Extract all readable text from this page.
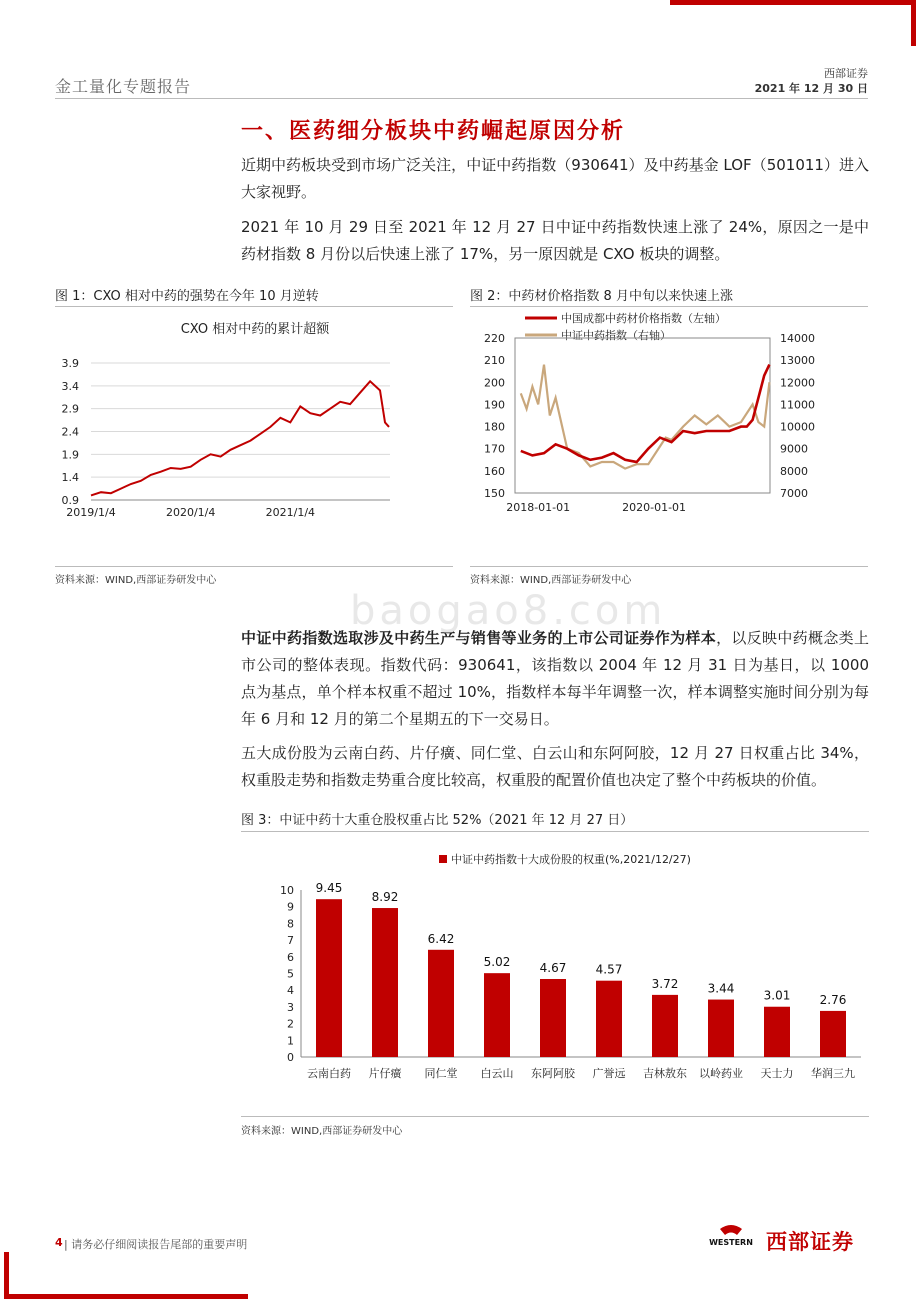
金工量化专题报告
西部证券
2021 年 12 月 30 日
一、医药细分板块中药崛起原因分析
近期中药板块受到市场广泛关注，中证中药指数（930641）及中药基金 LOF（501011）进入大家视野。
2021 年 10 月 29 日至 2021 年 12 月 27 日中证中药指数快速上涨了 24%，原因之一是中药材指数 8 月份以后快速上涨了 17%，另一原因就是 CXO 板块的调整。
图 1：CXO 相对中药的强势在今年 10 月逆转	图 2：中药材价格指数 8 月中旬以来快速上涨
CXO 相对中药的累计超额
0.9
1.4
1.9
2.4
2.9
3.4
3.9
2019/1/4	2020/1/4	2021/1/4
资料来源：WIND,西部证券研发中心
中国成都中药材价格指数（左轴）
中证中药指数（右轴）
150
160
170
180
190
200
210
220
7000
8000
9000
10000
11000
12000
13000
14000
2018-01-01	2020-01-01
资料来源：WIND,西部证券研发中心
中证中药指数选取涉及中药生产与销售等业务的上市公司证券作为样本，以反映中药概念类上市公司的整体表现。指数代码：930641，该指数以 2004 年 12 月 31 日为基日，以 1000 点为基点，单个样本权重不超过 10%，指数样本每半年调整一次，样本调整实施时间分别为每年 6 月和 12 月的第二个星期五的下一交易日。
五大成份股为云南白药、片仔癀、同仁堂、白云山和东阿阿胶，12 月 27 日权重占比 34%，权重股走势和指数走势重合度比较高，权重股的配置价值也决定了整个中药板块的价值。
图 3：中证中药十大重仓股权重占比 52%（2021 年 12 月 27 日）
中证中药指数十大成份股的权重(%,2021/12/27)
0
1
2
3
4
5
6
7
8
9
10 9.45
云南白药
8.92
片仔癀
6.42
同仁堂
5.02
白云山
4.67
东阿阿胶
4.57
广誉远
3.72
吉林敖东
3.44
以岭药业
3.01
天士力
2.76
华润三九
资料来源：WIND,西部证券研发中心
baogao8.com
4 | 请务必仔细阅读报告尾部的重要声明	WESTERN 西部证券
